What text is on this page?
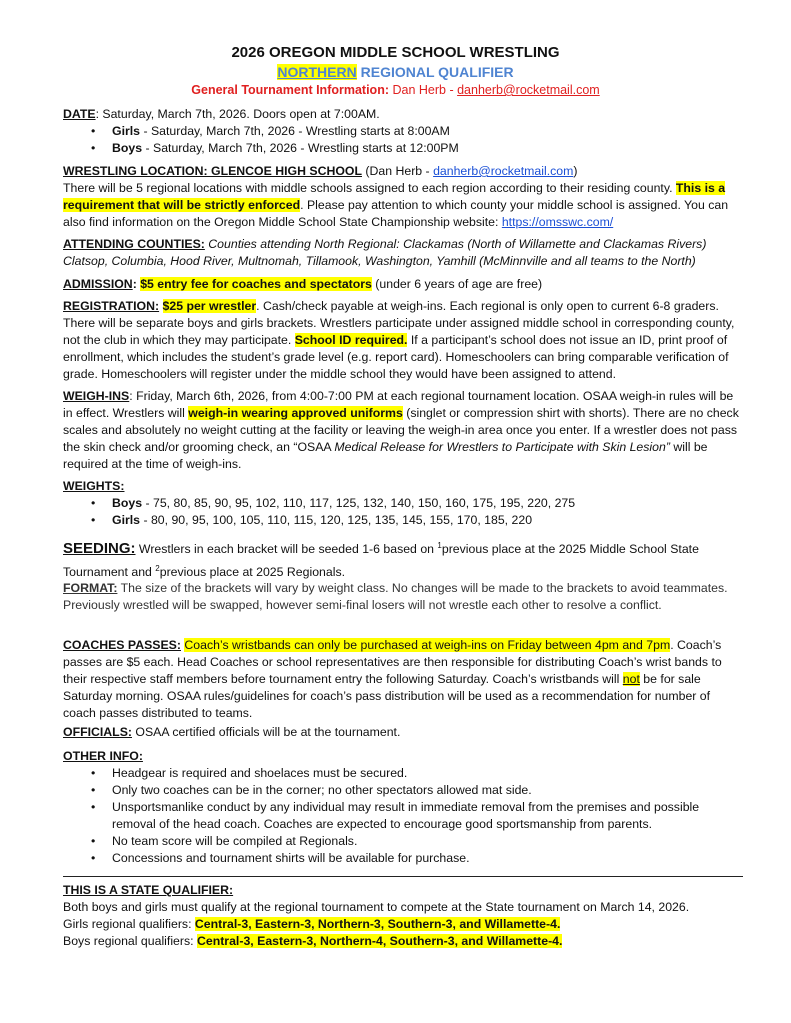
2026 OREGON MIDDLE SCHOOL WRESTLING
NORTHERN REGIONAL QUALIFIER
General Tournament Information: Dan Herb - danherb@rocketmail.com
DATE: Saturday, March 7th, 2026. Doors open at 7:00AM.
• Girls - Saturday, March 7th, 2026 - Wrestling starts at 8:00AM
• Boys - Saturday, March 7th, 2026 - Wrestling starts at 12:00PM
WRESTLING LOCATION: GLENCOE HIGH SCHOOL (Dan Herb - danherb@rocketmail.com)
There will be 5 regional locations with middle schools assigned to each region according to their residing county. This is a requirement that will be strictly enforced. Please pay attention to which county your middle school is assigned. You can also find information on the Oregon Middle School State Championship website: https://omsswc.com/
ATTENDING COUNTIES: Counties attending North Regional: Clackamas (North of Willamette and Clackamas Rivers) Clatsop, Columbia, Hood River, Multnomah, Tillamook, Washington, Yamhill (McMinnville and all teams to the North)
ADMISSION: $5 entry fee for coaches and spectators (under 6 years of age are free)
REGISTRATION: $25 per wrestler. Cash/check payable at weigh-ins. Each regional is only open to current 6-8 graders. There will be separate boys and girls brackets. Wrestlers participate under assigned middle school in corresponding county, not the club in which they may participate. School ID required. If a participant’s school does not issue an ID, print proof of enrollment, which includes the student’s grade level (e.g. report card). Homeschoolers can bring comparable verification of grade. Homeschoolers will register under the middle school they would have been assigned to attend.
WEIGH-INS: Friday, March 6th, 2026, from 4:00-7:00 PM at each regional tournament location. OSAA weigh-in rules will be in effect. Wrestlers will weigh-in wearing approved uniforms (singlet or compression shirt with shorts). There are no check scales and absolutely no weight cutting at the facility or leaving the weigh-in area once you enter. If a wrestler does not pass the skin check and/or grooming check, an “OSAA Medical Release for Wrestlers to Participate with Skin Lesion” will be required at the time of weigh-ins.
WEIGHTS:
• Boys - 75, 80, 85, 90, 95, 102, 110, 117, 125, 132, 140, 150, 160, 175, 195, 220, 275
• Girls - 80, 90, 95, 100, 105, 110, 115, 120, 125, 135, 145, 155, 170, 185, 220
SEEDING: Wrestlers in each bracket will be seeded 1-6 based on $^1$previous place at the 2025 Middle School State Tournament and $^2$previous place at 2025 Regionals.
FORMAT: The size of the brackets will vary by weight class. No changes will be made to the brackets to avoid teammates. Previously wrestled will be swapped, however semi-final losers will not wrestle each other to resolve a conflict.
COACHES PASSES: Coach’s wristbands can only be purchased at weigh-ins on Friday between 4pm and 7pm. Coach’s passes are $5 each. Head Coaches or school representatives are then responsible for distributing Coach’s wrist bands to their respective staff members before tournament entry the following Saturday. Coach’s wristbands will not be for sale Saturday morning. OSAA rules/guidelines for coach’s pass distribution will be used as a recommendation for number of coach passes distributed to teams.
OFFICIALS: OSAA certified officials will be at the tournament.
OTHER INFO:
• Headgear is required and shoelaces must be secured.
• Only two coaches can be in the corner; no other spectators allowed mat side.
• Unsportsmanlike conduct by any individual may result in immediate removal from the premises and possible removal of the head coach. Coaches are expected to encourage good sportsmanship from parents.
• No team score will be compiled at Regionals.
• Concessions and tournament shirts will be available for purchase.
THIS IS A STATE QUALIFIER:
Both boys and girls must qualify at the regional tournament to compete at the State tournament on March 14, 2026.
Girls regional qualifiers: Central-3, Eastern-3, Northern-3, Southern-3, and Willamette-4.
Boys regional qualifiers: Central-3, Eastern-3, Northern-4, Southern-3, and Willamette-4.
